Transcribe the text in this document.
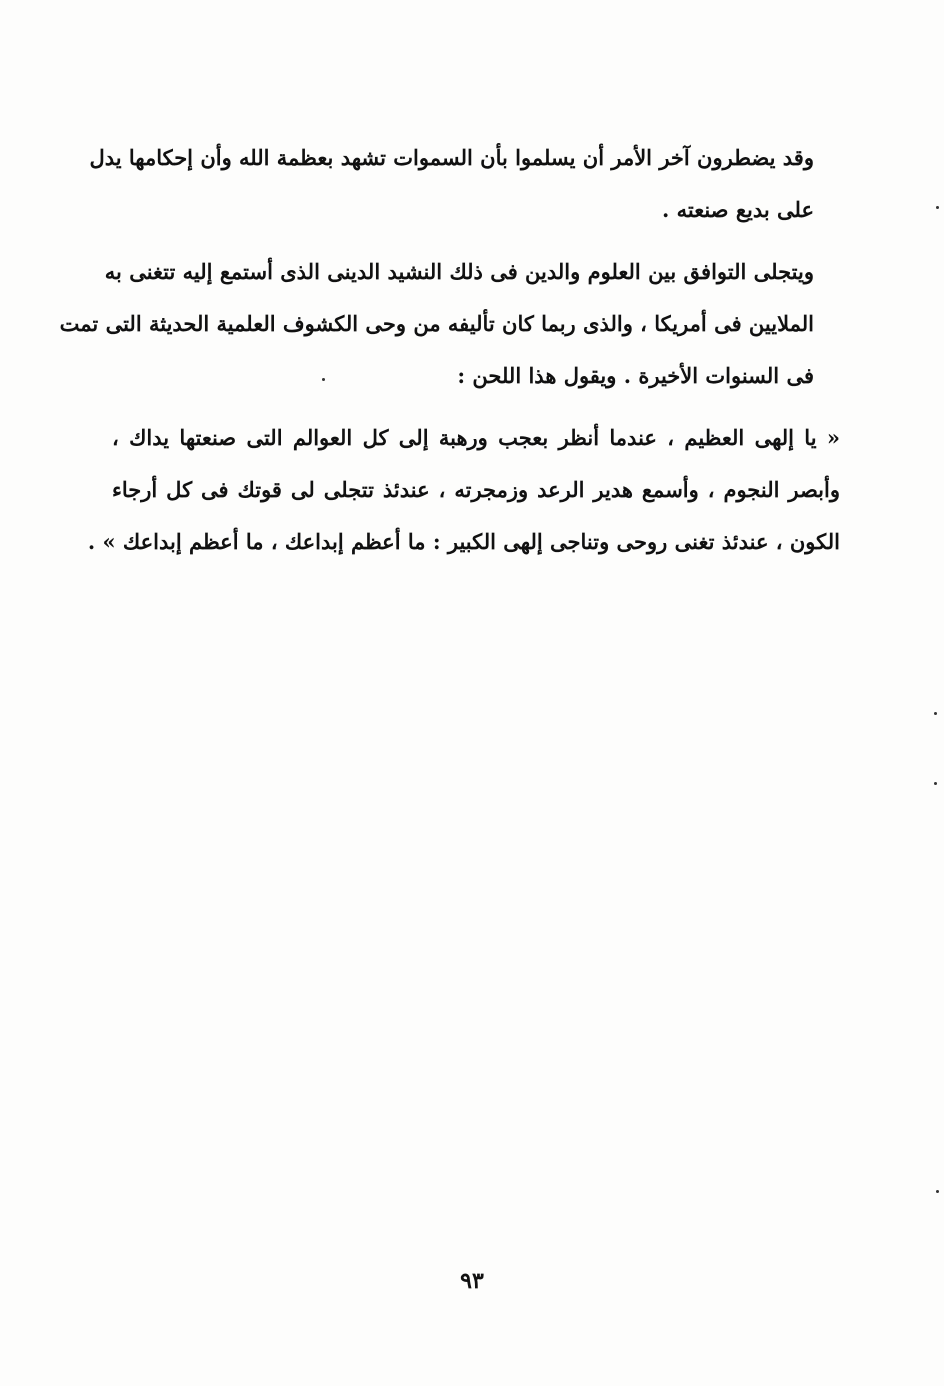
وقد يضطرون آخر الأمر أن يسلموا بأن السموات تشهد بعظمة الله وأن إحكامها يدل
على بديع صنعته .

ويتجلى التوافق بين العلوم والدين فى ذلك النشيد الدينى الذى أستمع إليه تتغنى به
الملايين فى أمريكا ، والذى ربما كان تأليفه من وحى الكشوف العلمية الحديثة التى تمت
فى السنوات الأخيرة . ويقول هذا اللحن :

« يا إلهى العظيم ، عندما أنظر بعجب ورهبة إلى كل العوالم التى صنعتها يداك ،
وأبصر النجوم ، وأسمع هدير الرعد وزمجرته ، عندئذ تتجلى لى قوتك فى كل أرجاء
الكون ، عندئذ تغنى روحى وتناجى إلهى الكبير : ما أعظم إبداعك ، ما أعظم إبداعك » .

٩٣
